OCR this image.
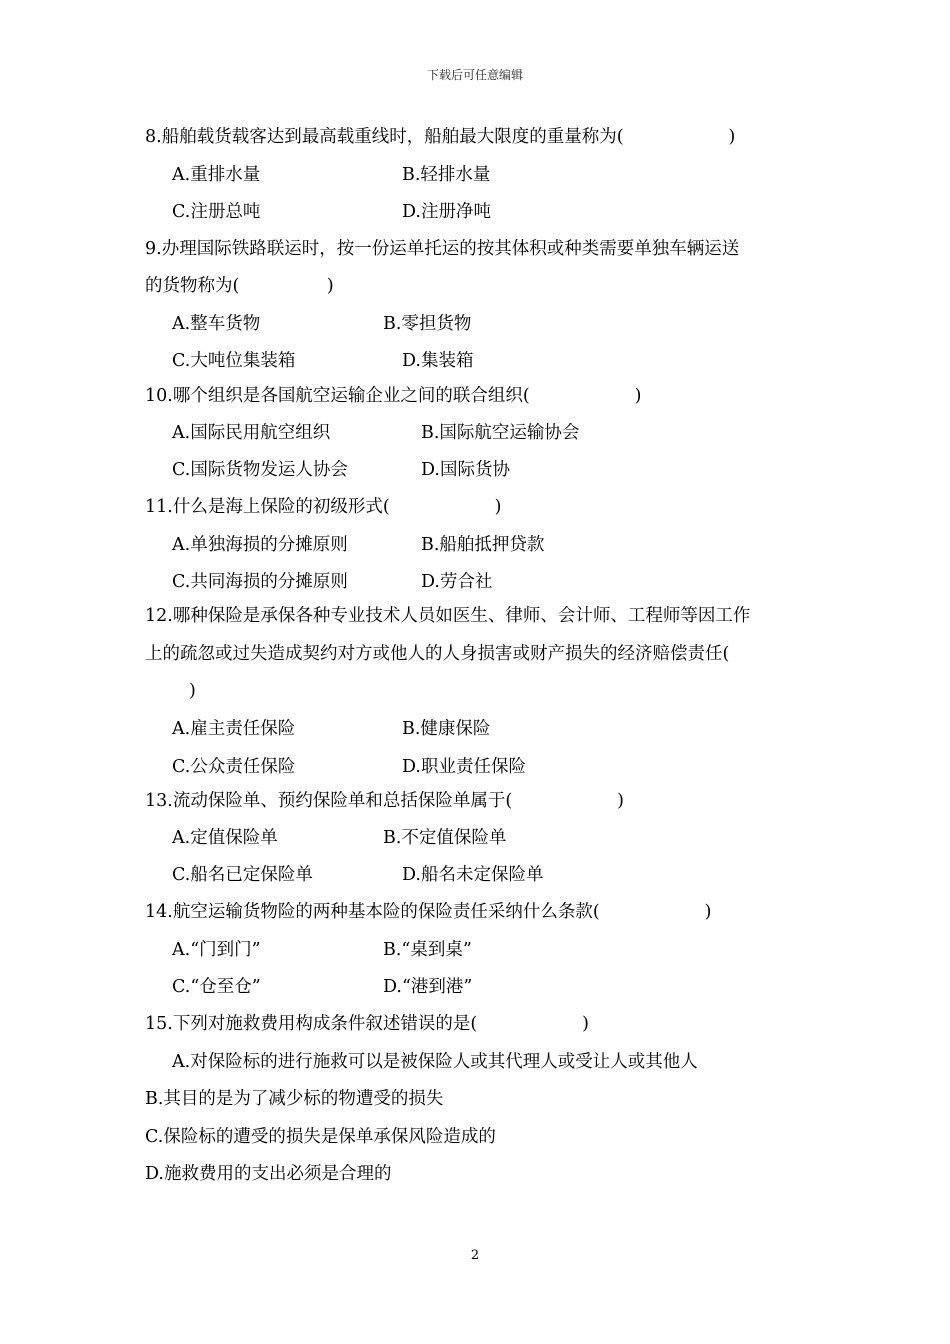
下载后可任意编辑
8.船舶载货载客达到最高载重线时，船舶最大限度的重量称为(　　　　　　)
A.重排水量	B.轻排水量
C.注册总吨	D.注册净吨
9.办理国际铁路联运时，按一份运单托运的按其体积或种类需要单独车辆运送
的货物称为(　　　　　)
A.整车货物	B.零担货物
C.大吨位集装箱	D.集装箱
10.哪个组织是各国航空运输企业之间的联合组织(　　　　　　)
A.国际民用航空组织	B.国际航空运输协会
C.国际货物发运人协会	D.国际货协
11.什么是海上保险的初级形式(　　　　　　)
A.单独海损的分摊原则	B.船舶抵押贷款
C.共同海损的分摊原则	D.劳合社
12.哪种保险是承保各种专业技术人员如医生、律师、会计师、工程师等因工作
上的疏忽或过失造成契约对方或他人的人身损害或财产损失的经济赔偿责任(
)
A.雇主责任保险	B.健康保险
C.公众责任保险	D.职业责任保险
13.流动保险单、预约保险单和总括保险单属于(　　　　　　)
A.定值保险单	B.不定值保险单
C.船名已定保险单	D.船名未定保险单
14.航空运输货物险的两种基本险的保险责任采纳什么条款(　　　　　　)
A.“门到门”	B.“桌到桌”
C.“仓至仓”	D.“港到港”
15.下列对施救费用构成条件叙述错误的是(　　　　　　)
A.对保险标的进行施救可以是被保险人或其代理人或受让人或其他人
B.其目的是为了减少标的物遭受的损失
C.保险标的遭受的损失是保单承保风险造成的
D.施救费用的支出必须是合理的
2
